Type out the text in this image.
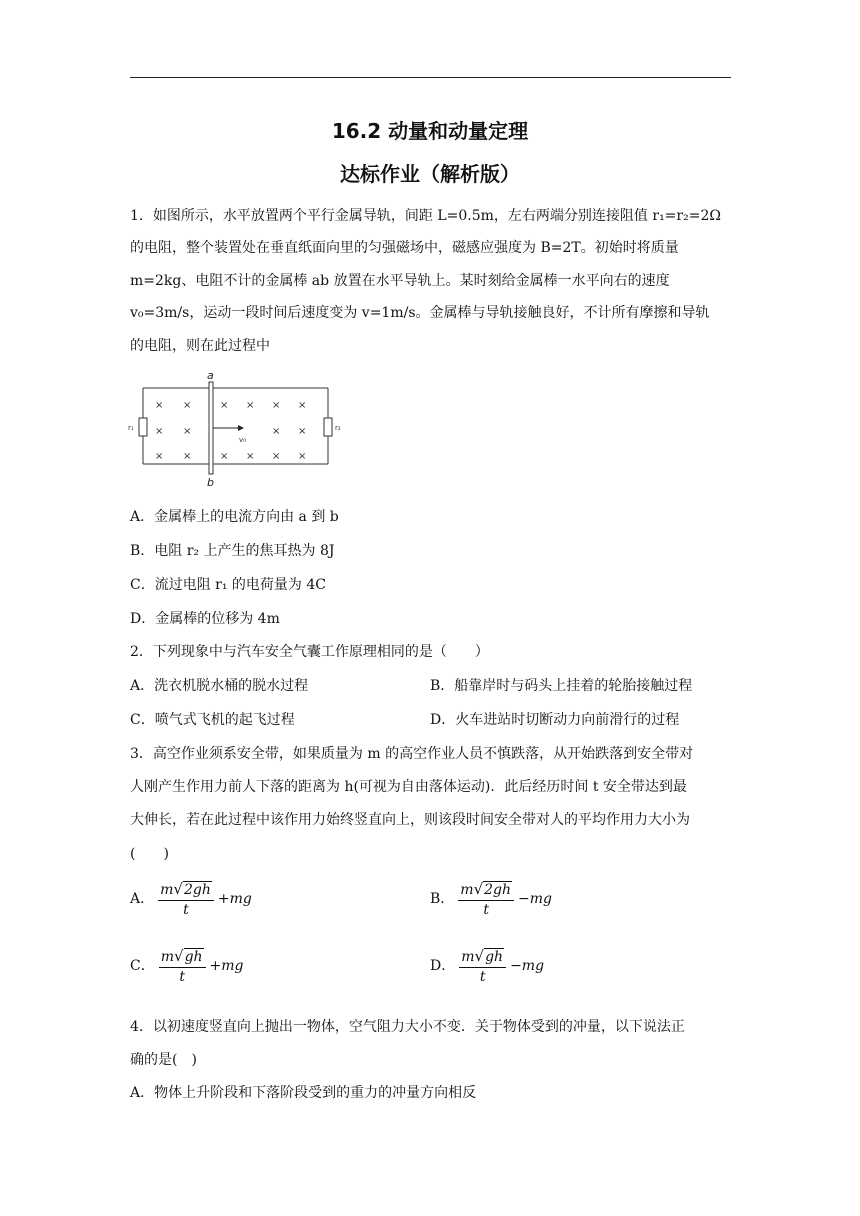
16.2 动量和动量定理
达标作业（解析版）
1．如图所示，水平放置两个平行金属导轨，间距 L=0.5m，左右两端分别连接阻值 r₁=r₂=2Ω
的电阻，整个装置处在垂直纸面向里的匀强磁场中，磁感应强度为 B=2T。初始时将质量
m=2kg、电阻不计的金属棒 ab 放置在水平导轨上。某时刻给金属棒一水平向右的速度
v₀=3m/s，运动一段时间后速度变为 v=1m/s。金属棒与导轨接触良好，不计所有摩擦和导轨
的电阻，则在此过程中
r₁	r₂
a
b
v₀
× ×	× × × ×
× ×	× ×
× ×	× × × ×
A．金属棒上的电流方向由 a 到 b
B．电阻 r₂ 上产生的焦耳热为 8J
C．流过电阻 r₁ 的电荷量为 4C
D．金属棒的位移为 4m
2．下列现象中与汽车安全气囊工作原理相同的是（　　）
A．洗衣机脱水桶的脱水过程	B．船靠岸时与码头上挂着的轮胎接触过程
C．喷气式飞机的起飞过程	D．火车进站时切断动力向前滑行的过程
3．高空作业须系安全带，如果质量为 m 的高空作业人员不慎跌落，从开始跌落到安全带对
人刚产生作用力前人下落的距离为 h(可视为自由落体运动)．此后经历时间 t 安全带达到最
大伸长，若在此过程中该作用力始终竖直向上，则该段时间安全带对人的平均作用力大小为
(　　)
A． $\frac{m√2gh}{t} +mg$	B． $\frac{m√2gh}{t} -mg$
C． $\frac{m√gh}{t} +mg$	D． $\frac{m√gh}{t} -mg$
4．以初速度竖直向上抛出一物体，空气阻力大小不变．关于物体受到的冲量，以下说法正
确的是(　)
A．物体上升阶段和下落阶段受到的重力的冲量方向相反
